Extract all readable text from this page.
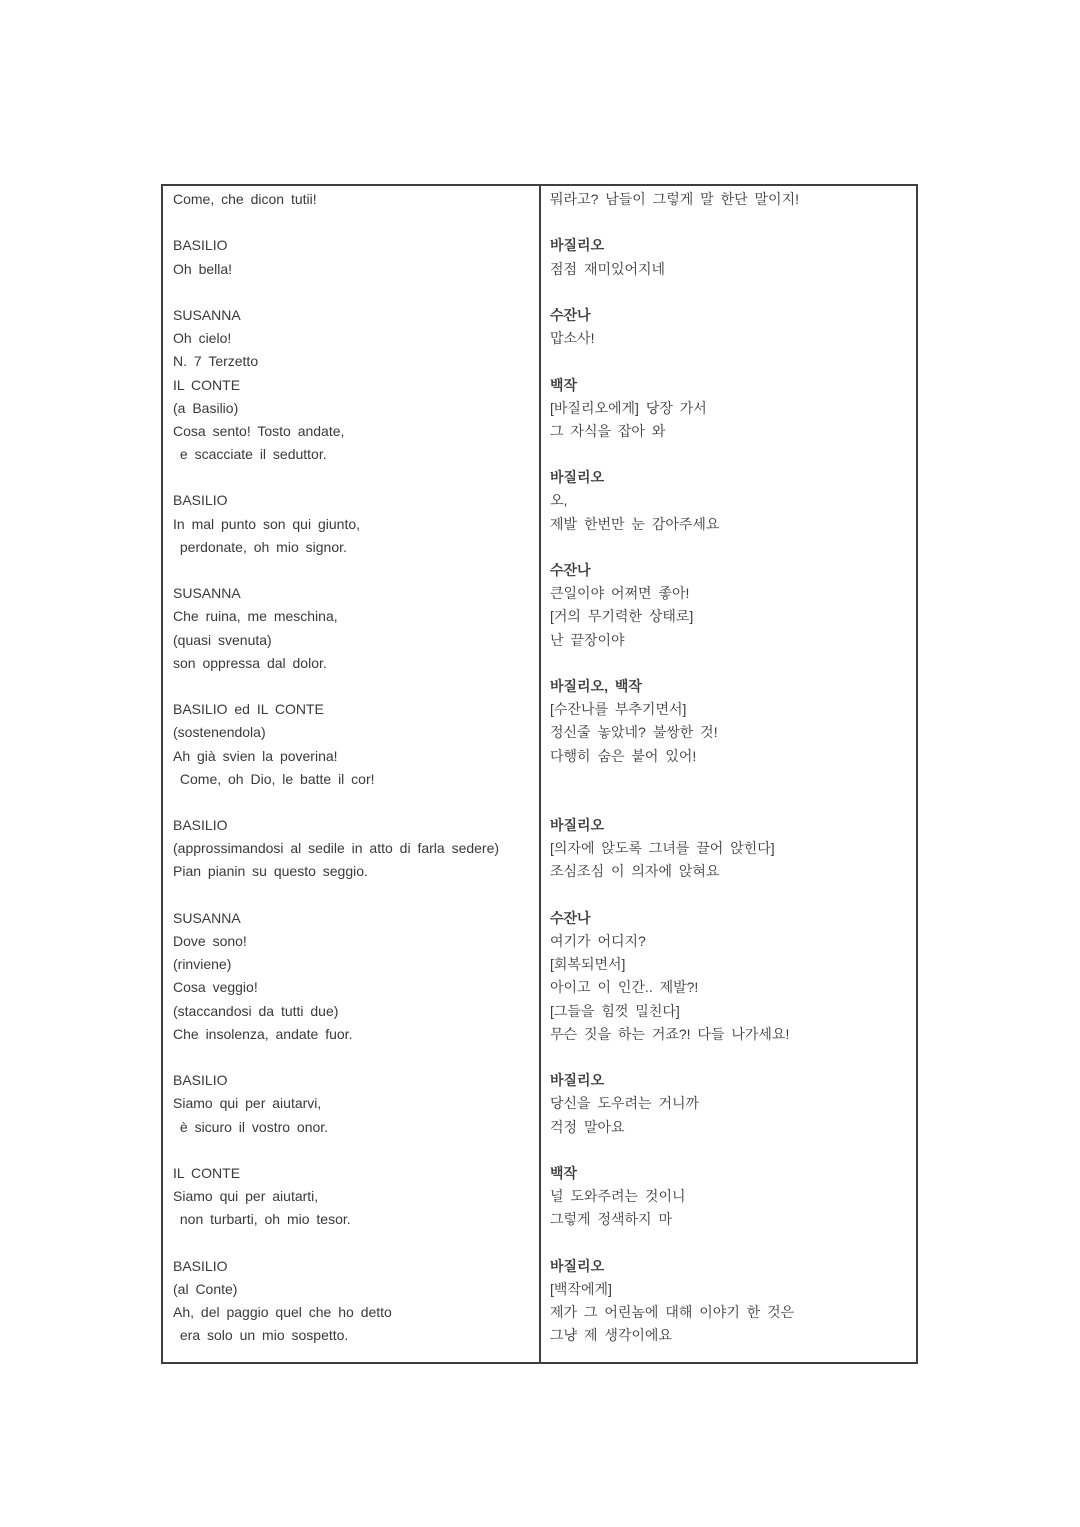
Come, che dicon tutii!

BASILIO
Oh bella!

SUSANNA
Oh cielo!
N. 7 Terzetto
IL CONTE
(a Basilio)
Cosa sento! Tosto andate,
e scacciate il seduttor.

BASILIO
In mal punto son qui giunto,
perdonate, oh mio signor.

SUSANNA
Che ruina, me meschina,
(quasi svenuta)
son oppressa dal dolor.

BASILIO ed IL CONTE
(sostenendola)
Ah già svien la poverina!
Come, oh Dio, le batte il cor!

BASILIO
(approssimandosi al sedile in atto di farla sedere)
Pian pianin su questo seggio.

SUSANNA
Dove sono!
(rinviene)
Cosa veggio!
(staccandosi da tutti due)
Che insolenza, andate fuor.

BASILIO
Siamo qui per aiutarvi,
è sicuro il vostro onor.

IL CONTE
Siamo qui per aiutarti,
non turbarti, oh mio tesor.

BASILIO
(al Conte)
Ah, del paggio quel che ho detto
era solo un mio sospetto.
뭐라고? 남들이 그렇게 말 한단 말이지!

바질리오
점점 재미있어지네

수잔나
맙소사!

백작
[바질리오에게] 당장 가서
그 자식을 잡아 와

바질리오
오,
제발 한번만 눈 감아주세요

수잔나
큰일이야 어쩌면 좋아!
[거의 무기력한 상태로]
난 끝장이야

바질리오, 백작
[수잔나를 부추기면서]
정신줄 놓았네? 불쌍한 것!
다행히 숨은 붙어 있어!

바질리오
[의자에 앉도록 그녀를 끌어 앉힌다]
조심조심 이 의자에 앉혀요

수잔나
여기가 어디지?
[회복되면서]
아이고 이 인간.. 제발?!
[그들을 힘껏 밀친다]
무슨 짓을 하는 거죠?! 다들 나가세요!

바질리오
당신을 도우려는 거니까
걱정 말아요

백작
널 도와주려는 것이니
그렇게 정색하지 마

바질리오
[백작에게]
제가 그 어린놈에 대해 이야기 한 것은
그냥 제 생각이에요
